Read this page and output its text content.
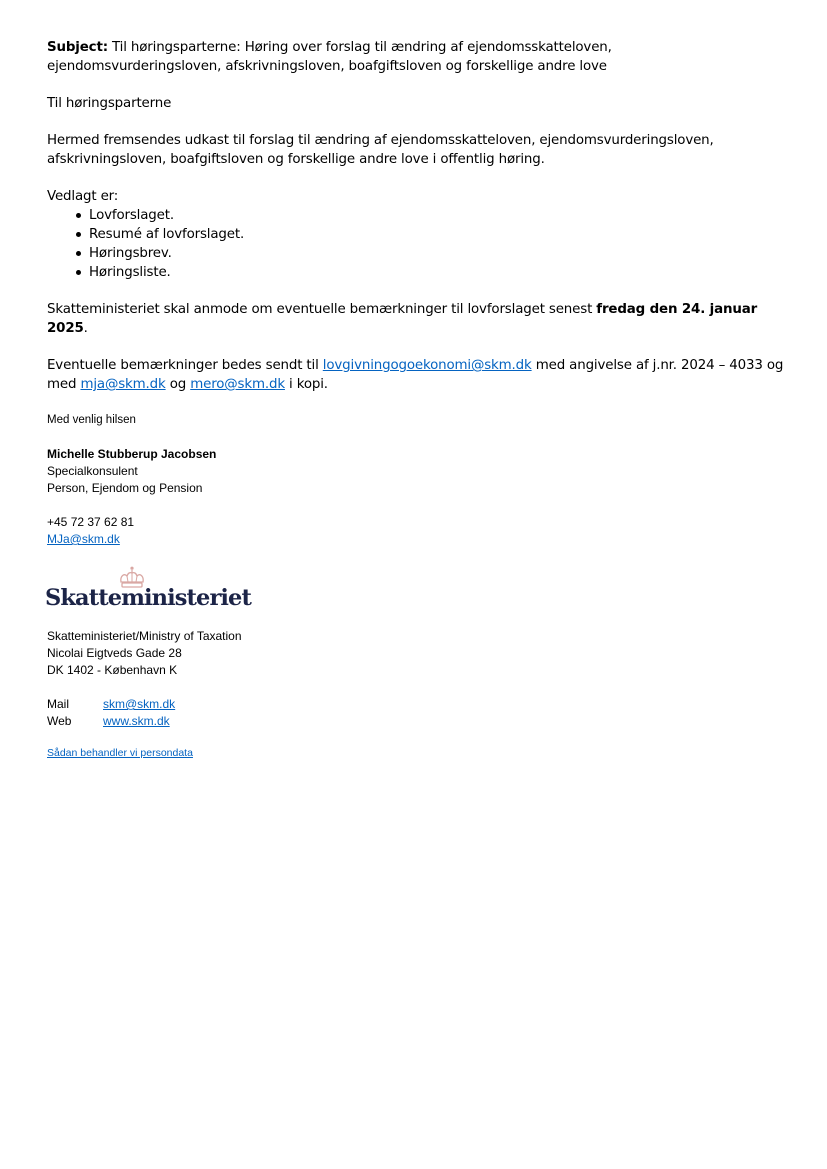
Subject: Til høringsparterne: Høring over forslag til ændring af ejendomsskatteloven, ejendomsvurderingsloven, afskrivningsloven, boafgiftsloven og forskellige andre love

Til høringsparterne

Hermed fremsendes udkast til forslag til ændring af ejendomsskatteloven, ejendomsvurderingsloven, afskrivningsloven, boafgiftsloven og forskellige andre love i offentlig høring.

Vedlagt er:

Lovforslaget.
Resumé af lovforslaget.
Høringsbrev.
Høringsliste.

Skatteministeriet skal anmode om eventuelle bemærkninger til lovforslaget senest fredag den 24. januar 2025.

Eventuelle bemærkninger bedes sendt til lovgivningogoekonomi@skm.dk med angivelse af j.nr. 2024 – 4033 og med mja@skm.dk og mero@skm.dk i kopi.

Med venlig hilsen

Michelle Stubberup Jacobsen

Specialkonsulent

Person, Ejendom og Pension

+45 72 37 62 81

MJa@skm.dk

Skatteministeriet

Skatteministeriet/Ministry of Taxation

Nicolai Eigtveds Gade 28

DK 1402 - København K

Mail	skm@skm.dk
Web	www.skm.dk

Sådan behandler vi persondata
